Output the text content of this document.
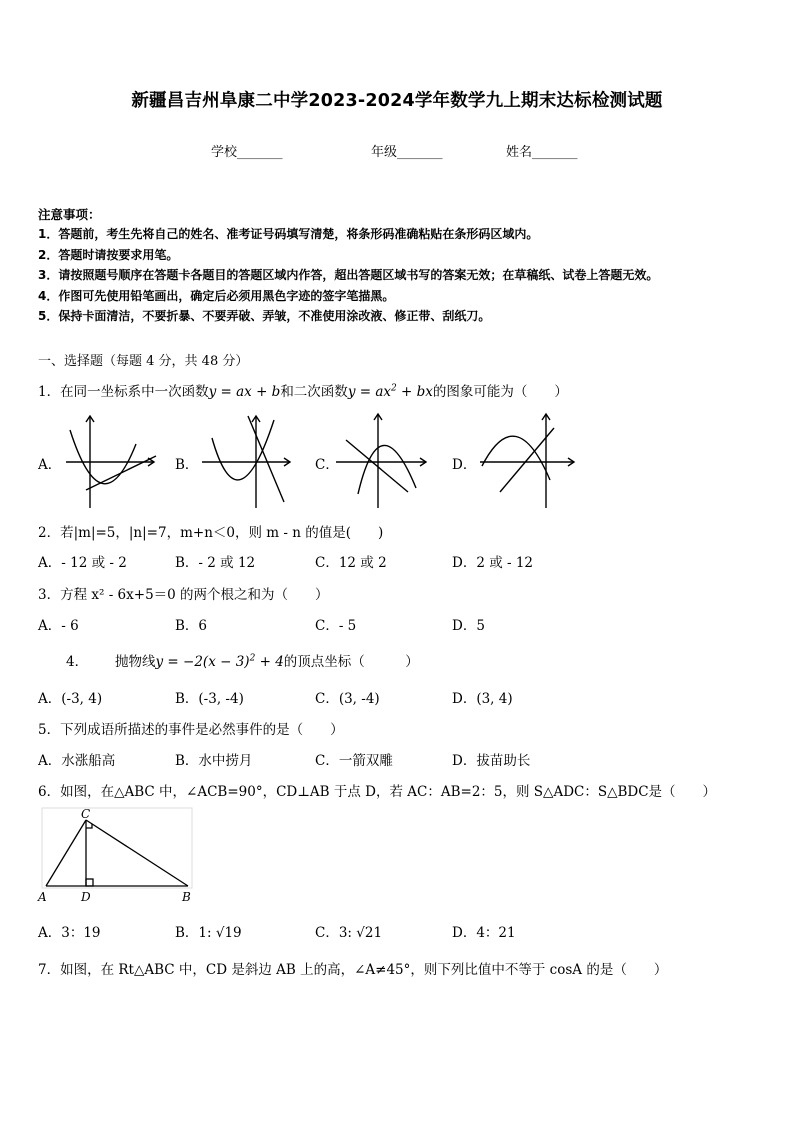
新疆昌吉州阜康二中学2023-2024学年数学九上期末达标检测试题
学校_______	年级_______	姓名_______
注意事项：
1．答题前，考生先将自己的姓名、准考证号码填写清楚，将条形码准确粘贴在条形码区域内。
2．答题时请按要求用笔。
3．请按照题号顺序在答题卡各题目的答题区域内作答，超出答题区域书写的答案无效；在草稿纸、试卷上答题无效。
4．作图可先使用铅笔画出，确定后必须用黑色字迹的签字笔描黑。
5．保持卡面清洁，不要折暴、不要弄破、弄皱，不准使用涂改液、修正带、刮纸刀。
一、选择题（每题 4 分，共 48 分）
1．在同一坐标系中一次函数y = ax + b和二次函数$y = ax^2$ + bx的图象可能为（　　）
A．	B．	C．	D．
2．若|m|=5，|n|=7，m+n＜0，则 m - n 的值是(　　)
A．- 12 或 - 2	B．- 2 或 12	C．12 或 2	D．2 或 - 12
3．方程 x² - 6x+5＝0 的两个根之和为（　　）
A．- 6	B．6	C．- 5	D．5
4． 抛物线$y = -2(x - 3)^2 + 4$的顶点坐标（　　　）
A．(-3, 4)	B．(-3, -4)	C．(3, -4)	D．(3, 4)
5．下列成语所描述的事件是必然事件的是（　　）
A．水涨船高	B．水中捞月	C．一箭双雕	D．拔苗助长
6．如图，在△ABC 中，∠ACB=90°，CD⊥AB 于点 D，若 AC：AB=2：5，则 S△ADC：S△BDC是（　　）
C
A	D	B
A．3：19	B．1: √19	C．3: √21	D．4：21
7．如图，在 Rt△ABC 中，CD 是斜边 AB 上的高，∠A≠45°，则下列比值中不等于 cosA 的是（　　）
